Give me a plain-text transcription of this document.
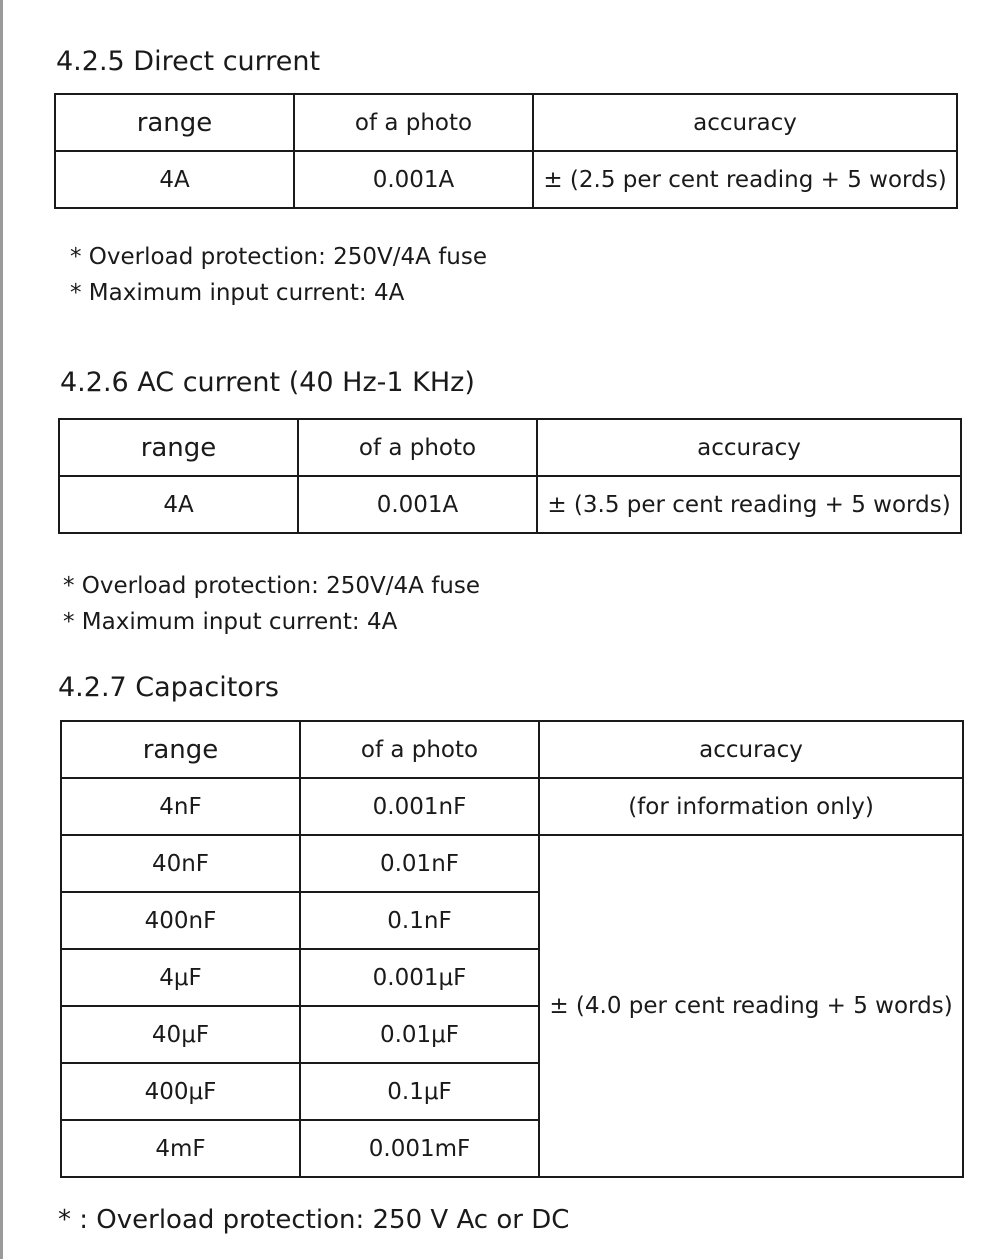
4.2.5 Direct current
range	of a photo	accuracy
4A	0.001A	± (2.5 per cent reading + 5 words)
* Overload protection: 250V/4A fuse
* Maximum input current: 4A
4.2.6 AC current (40 Hz-1 KHz)
range	of a photo	accuracy
4A	0.001A	± (3.5 per cent reading + 5 words)
* Overload protection: 250V/4A fuse
* Maximum input current: 4A
4.2.7 Capacitors
range	of a photo	accuracy
4nF	0.001nF	(for information only)
40nF	0.01nF	± (4.0 per cent reading + 5 words)
400nF	0.1nF	
4μF	0.001μF	
40μF	0.01μF	
400μF	0.1μF	
4mF	0.001mF	

* : Overload protection: 250 V Ac or DC
